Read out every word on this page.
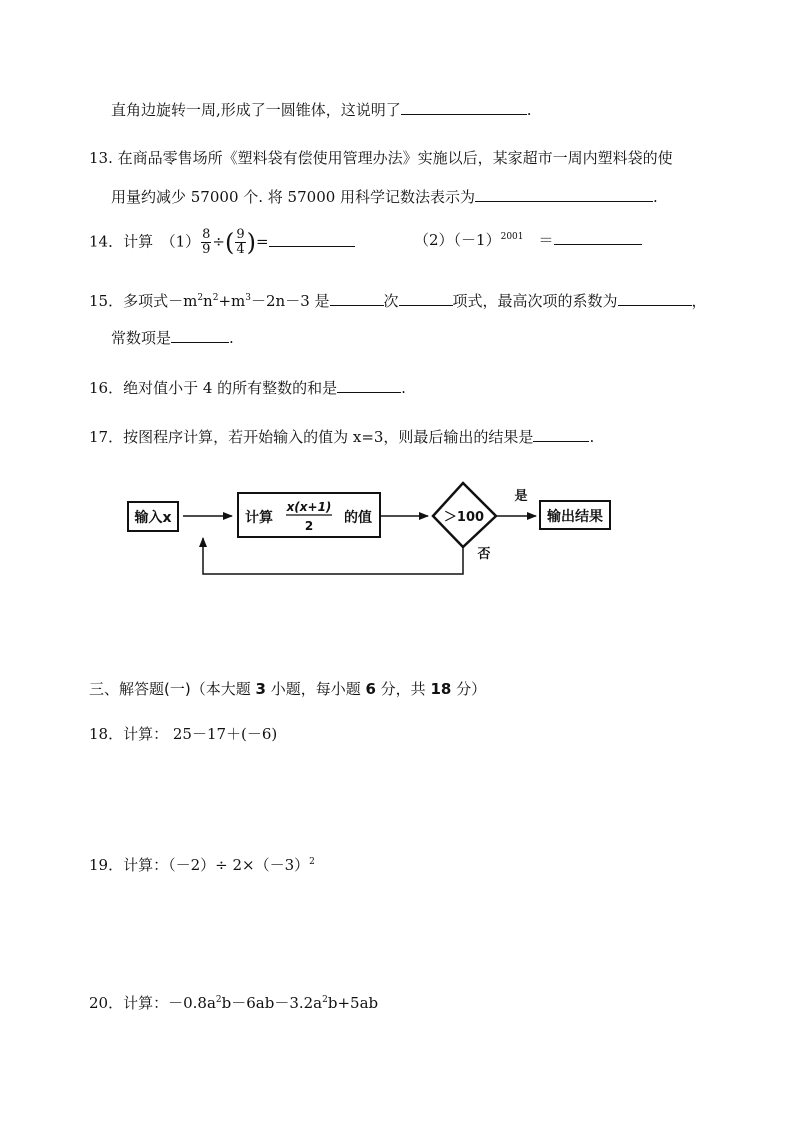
直角边旋转一周,形成了一圆锥体，这说明了	.
13. 在商品零售场所《塑料袋有偿使用管理办法》实施以后，某家超市一周内塑料袋的使
用量约减少 57000 个. 将 57000 用科学记数法表示为	.
14．计算　$(1) \frac{8}{9}$ ÷( $\frac{9}{4}$ )=	$(2)(-1)^{2001}$　 ＝
15．多项式$-m^2n^2+m^3-2n-3$ 是	次	项式，最高次项的系数为	，
常数项是	.
16．绝对值小于 4 的所有整数的和是	.
17．按图程序计算，若开始输入的值为 x=3，则最后输出的结果是	.
输入x	计算
x(x+1)
2 的值	＞100
是
输出结果
否
三、解答题(一)（本大题 3 小题，每小题 6 分，共 18 分）
18．计算： 25－17＋(－6)
19．计算：$(-2)\div 2\times(-3)^2$
20．计算：$-0.8a^2b-6ab-3.2a^2b+5ab$
